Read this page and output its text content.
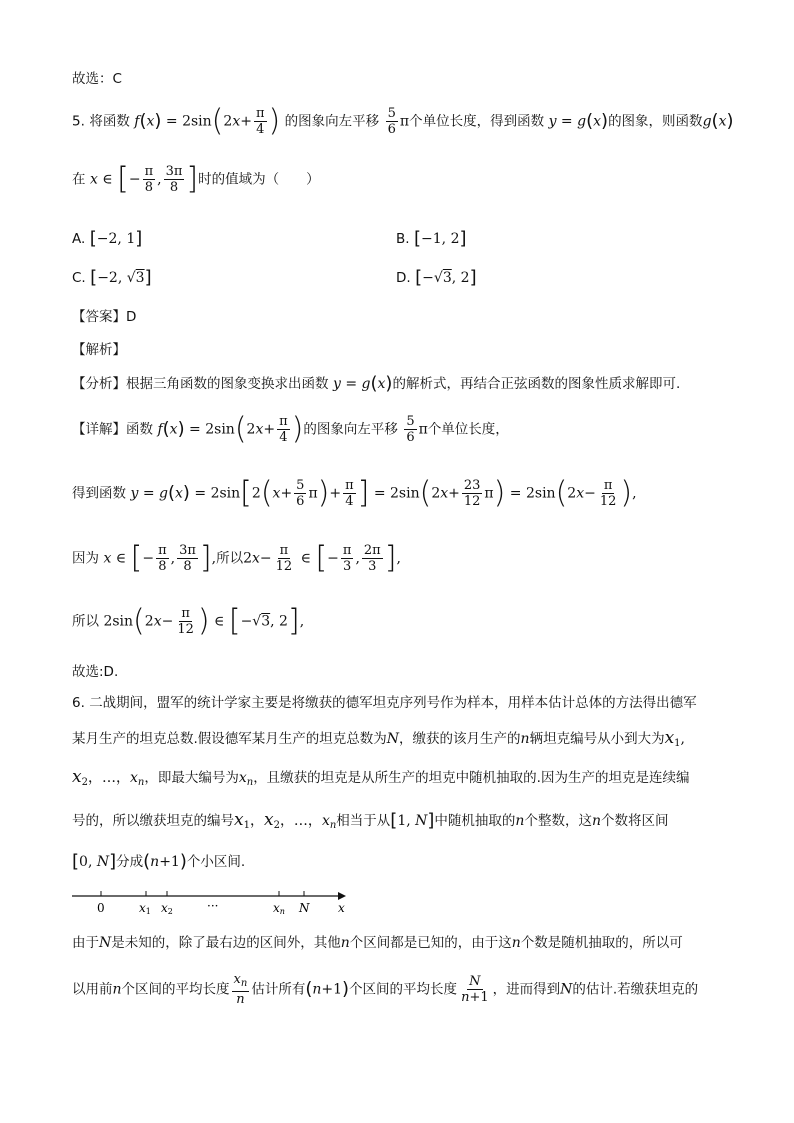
故选：C
5. 将函数 $f(x) = 2\sin(2x+ \frac{\pi}{4}$ ) 的图象向左平移 $\frac{5}{6}$ π个单位长度，得到函数 y = g(x)的图象，则函数g(x)
在 x ∈ [− $\frac{\pi}{8}$ , $\frac{3\pi}{8}$ ]时的值域为（　　）
A. [−2, 1]	B. [−1, 2]
C. [−2, √3]	D. [−√3, 2]
【答案】D
【解析】
【分析】根据三角函数的图象变换求出函数 y = g(x)的解析式，再结合正弦函数的图象性质求解即可.
【详解】函数 $f(x) = 2\sin(2x+ \frac{\pi}{4}$ )的图象向左平移 $\frac{5}{6}$ π个单位长度，
得到函数 $y = g(x) = 2\sin[2(x+ \frac{5}{6} \pi)+ \frac{\pi}{4}$ ] = $2\sin(2x+ \frac{23}{12} \pi) = 2\sin(2x- \frac{\pi}{12}$ ),
因为 x ∈ [− $\frac{\pi}{8}$ , $\frac{3\pi}{8}$ ],所以$2x- \frac{\pi}{12}$ ∈ [− $\frac{\pi}{3}$ , $\frac{2\pi}{3}$ ],
所以 $2\sin(2x- \frac{\pi}{12}$ ) ∈ [−√3, 2],
故选:D.
6. 二战期间，盟军的统计学家主要是将缴获的德军坦克序列号作为样本，用样本估计总体的方法得出德军
某月生产的坦克总数.假设德军某月生产的坦克总数为N，缴获的该月生产的n辆坦克编号从小到大为$x_1$,
$x_2$，…，$x_n$，即最大编号为$x_n$，且缴获的坦克是从所生产的坦克中随机抽取的.因为生产的坦克是连续编
号的，所以缴获坦克的编号$x_1$，$x_2$，…，$x_n$相当于从[1, N]中随机抽取的n个整数，这n个数将区间
[0, N]分成(n+1)个小区间.
0	x1 x2	···	xn N x
由于N是未知的，除了最右边的区间外，其他n个区间都是已知的，由于这n个数是随机抽取的，所以可
以用前n个区间的平均长度 $\frac{x_n}{n}$ 估计所有(n+1)个区间的平均长度 $\frac{N}{n+1}$ ，进而得到N的估计.若缴获坦克的
